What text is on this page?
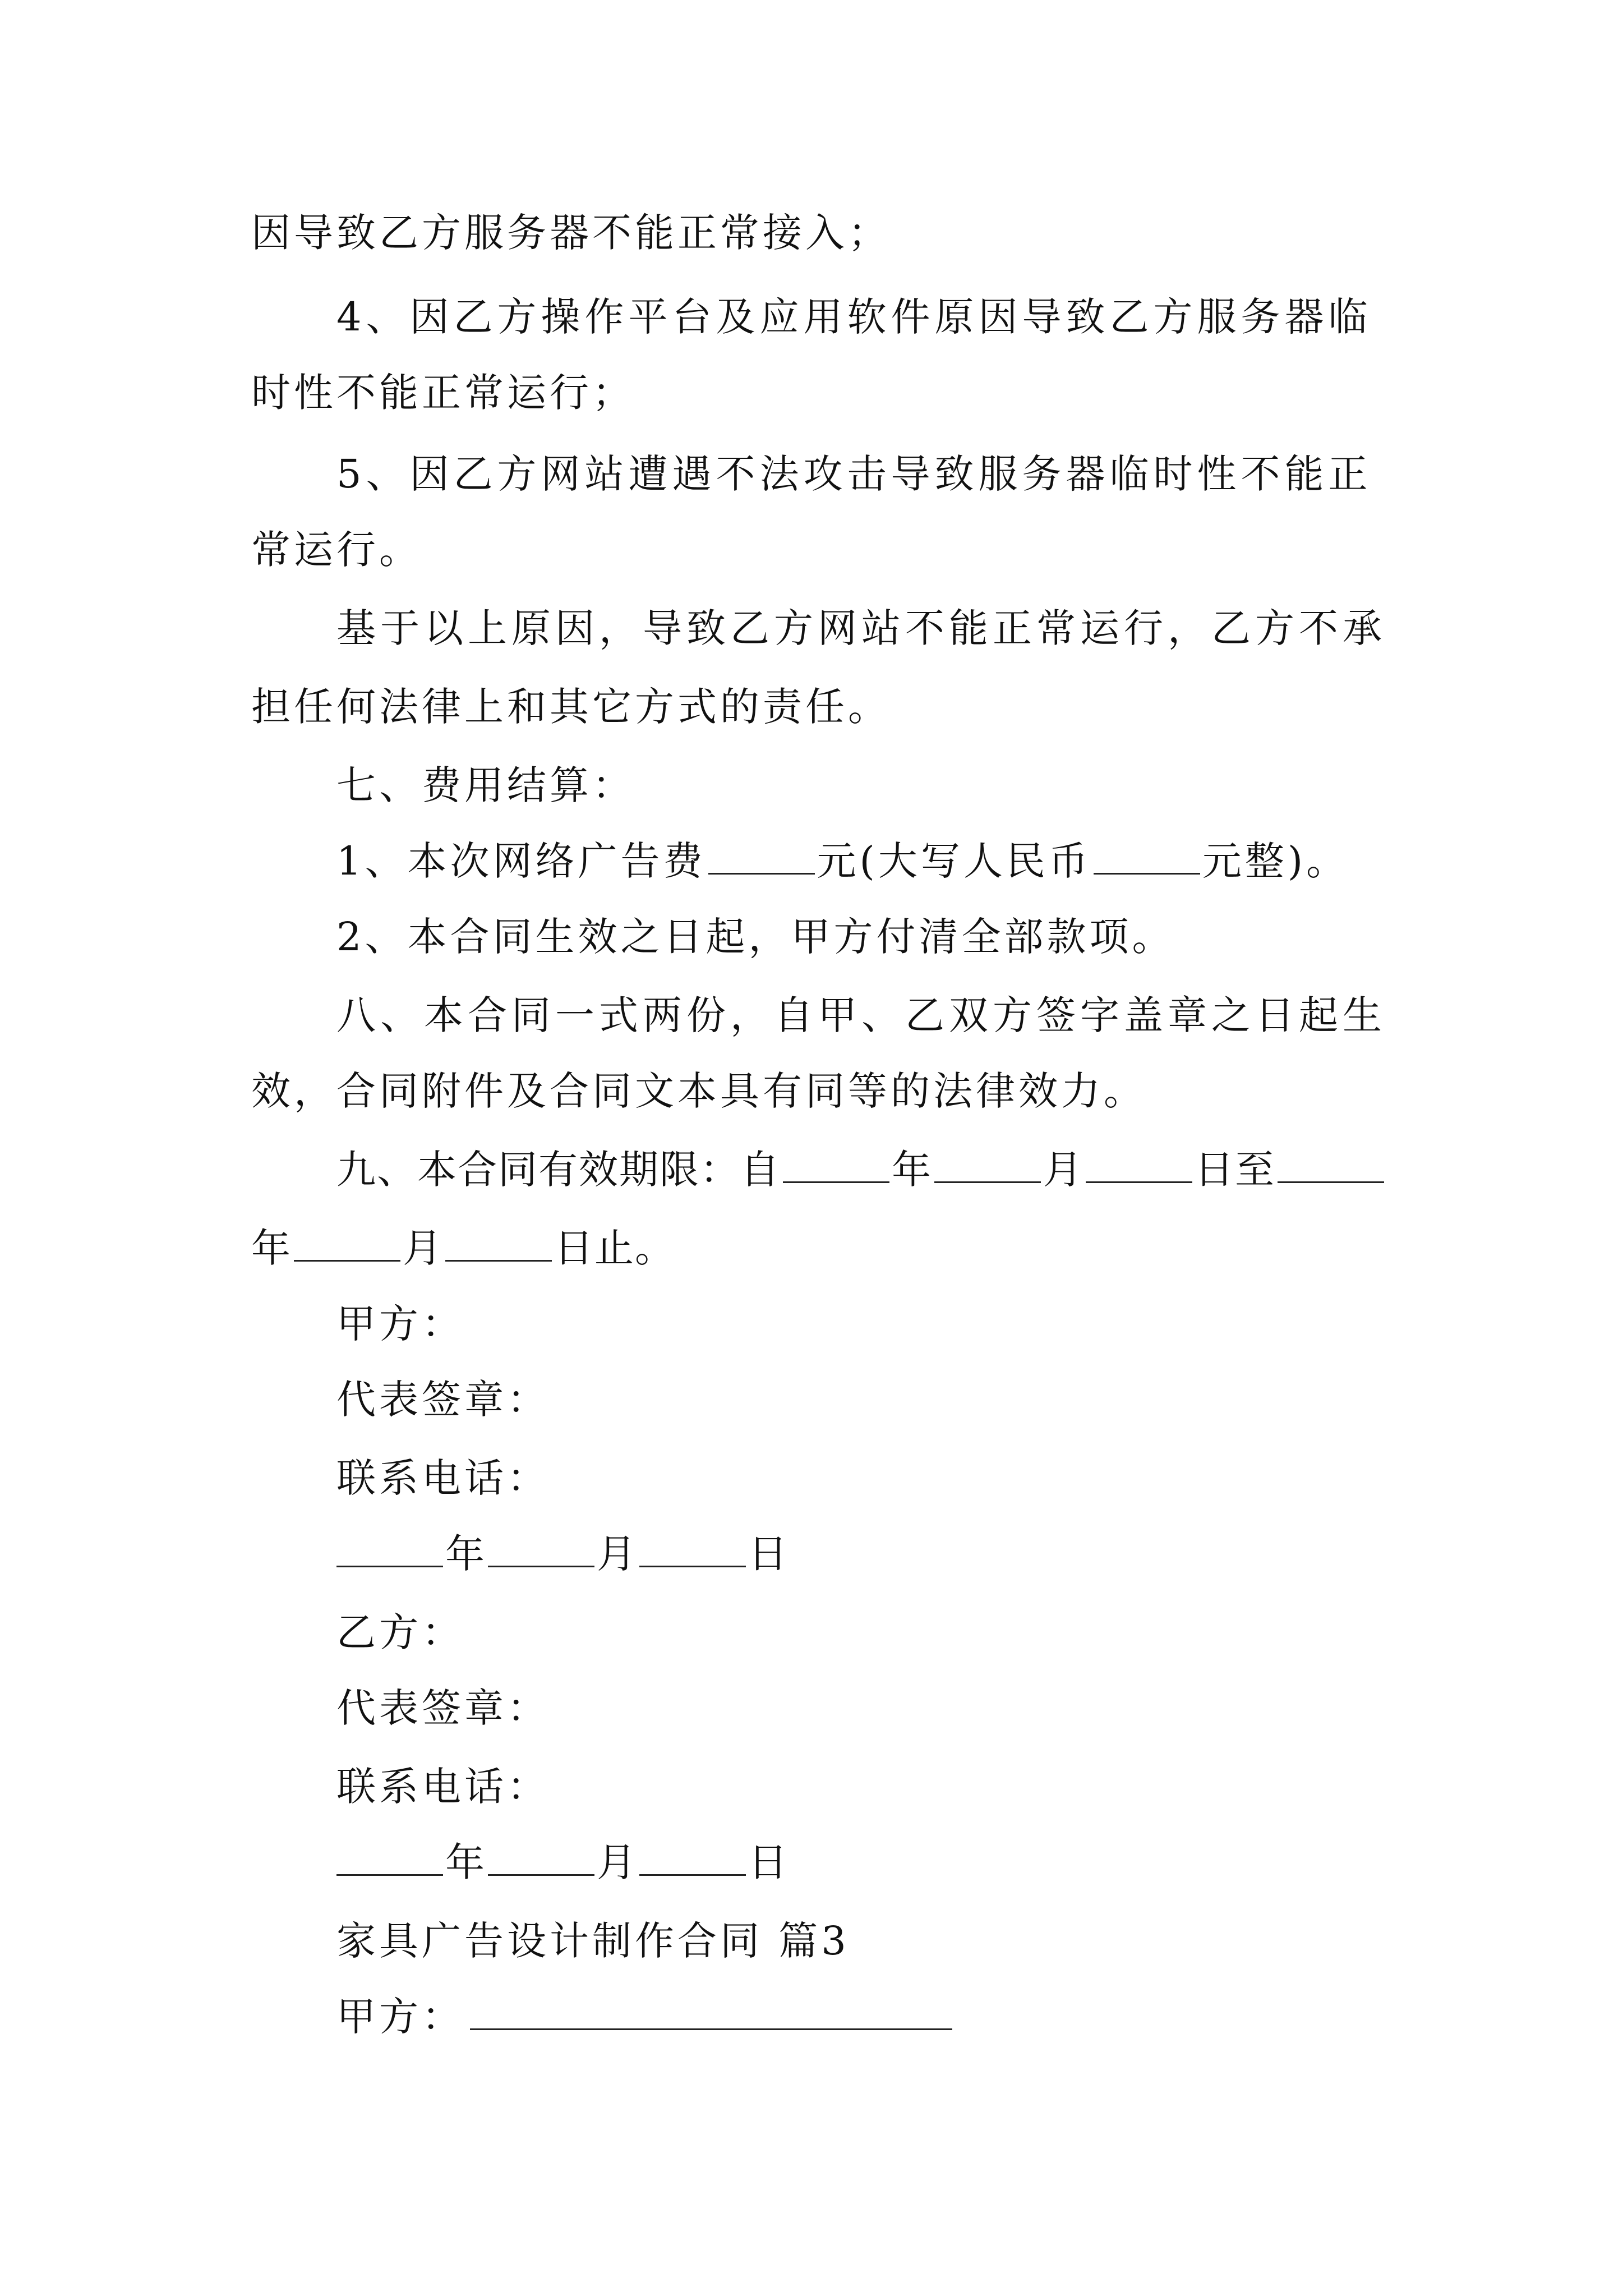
因导致乙方服务器不能正常接入；
4、因乙方操作平台及应用软件原因导致乙方服务器临
时性不能正常运行；
5、因乙方网站遭遇不法攻击导致服务器临时性不能正
常运行。
基于以上原因，导致乙方网站不能正常运行，乙方不承
担任何法律上和其它方式的责任。
七、费用结算：
1、本次网络广告费	元(大写人民币	元整)。
2、本合同生效之日起，甲方付清全部款项。
八、本合同一式两份，自甲、乙双方签字盖章之日起生
效，合同附件及合同文本具有同等的法律效力。
九、本合同有效期限：自	年	月	日至
年	月	日止。
甲方：
代表签章：
联系电话：
年	月	日
乙方：
代表签章：
联系电话：
年	月	日
家具广告设计制作合同 篇3
甲方：
